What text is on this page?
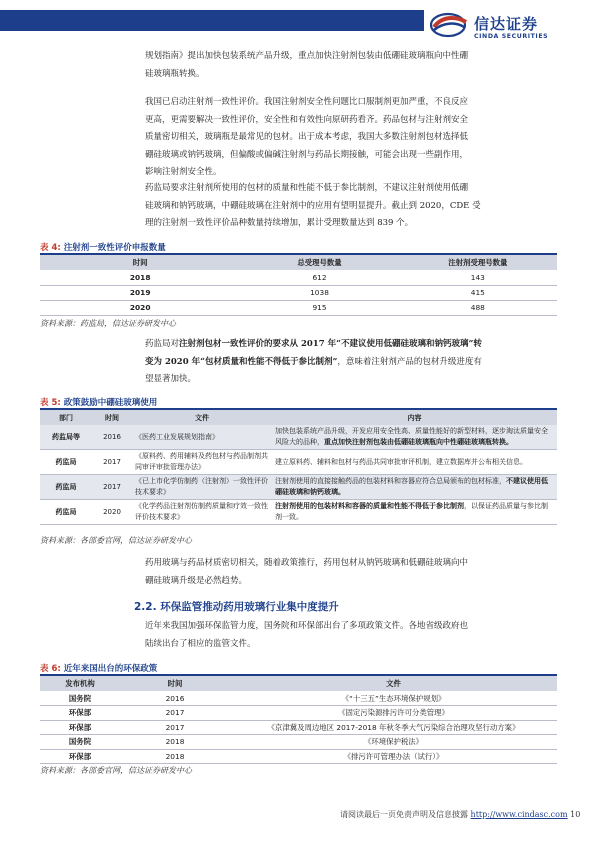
信达证券
CINDA SECURITIES
规划指南》提出加快包装系统产品升级，重点加快注射剂包装由低硼硅玻璃瓶向中性硼
硅玻璃瓶转换。
我国已启动注射剂一致性评价。我国注射剂安全性问题比口服制剂更加严重，不良反应
更高，更需要解决一致性评价，安全性和有效性向原研药看齐。药品包材与注射剂安全
质量密切相关，玻璃瓶是最常见的包材。出于成本考虑，我国大多数注射剂包材选择低
硼硅玻璃或钠钙玻璃，但偏酸或偏碱注射剂与药品长期接触，可能会出现一些副作用，
影响注射剂安全性。
药监局要求注射剂所使用的包材的质量和性能不低于参比制剂，不建议注射剂使用低硼
硅玻璃和钠钙玻璃，中硼硅玻璃在注射剂中的应用有望明显提升。截止到 2020，CDE 受
理的注射剂一致性评价品种数量持续增加，累计受理数量达到 839 个。
表 4: 注射剂一致性评价申报数量
时间	总受理号数量	注射剂受理号数量
2018	612	143
2019	1038	415
2020	915	488
资料来源：药监局，信达证券研发中心
药监局对注射剂包材一致性评价的要求从 2017 年“不建议使用低硼硅玻璃和钠钙玻璃”转
变为 2020 年“包材质量和性能不得低于参比制剂”，意味着注射剂产品的包材升级进度有
望显著加快。
表 5: 政策鼓励中硼硅玻璃使用
部门	时间	文件	内容
药监局等	2016	《医药工业发展规划指南》	加快包装系统产品升级，开发应用安全性高、质量性能好的新型材料，逐步淘汰质量安全风险大的品种，重点加快注射剂包装由低硼硅玻璃瓶向中性硼硅玻璃瓶转换。
药监局	2017	《原料药、药用辅料及药包材与药品制剂共同审评审批管理办法》	建立原料药、辅料和包材与药品共同审批审评机制，建立数据库并公布相关信息。
药监局	2017	《已上市化学仿制药（注射剂）一致性评价技术要求》	注射剂使用的直接接触药品的包装材料和容器应符合总局颁布的包材标准，不建议使用低硼硅玻璃和钠钙玻璃。
药监局	2020	《化学药品注射剂仿制药质量和疗效一致性评价技术要求》	注射剂使用的包装材料和容器的质量和性能不得低于参比制剂，以保证药品质量与参比制剂一致。
资料来源：各部委官网，信达证券研发中心
药用玻璃与药品材质密切相关，随着政策推行，药用包材从钠钙玻璃和低硼硅玻璃向中
硼硅玻璃升级是必然趋势。
2.2. 环保监管推动药用玻璃行业集中度提升
近年来我国加强环保监管力度，国务院和环保部出台了多项政策文件。各地省级政府也
陆续出台了相应的监管文件。
表 6: 近年来国出台的环保政策
发布机构	时间	文件
国务院	2016	《“十三五”生态环境保护规划》
环保部	2017	《固定污染源排污许可分类管理》
环保部	2017	《京津冀及周边地区 2017-2018 年秋冬季大气污染综合治理攻坚行动方案》
国务院	2018	《环境保护税法》
环保部	2018	《排污许可管理办法（试行）》
资料来源：各部委官网，信达证券研发中心
请阅读最后一页免责声明及信息披露 http://www.cindasc.com 10
